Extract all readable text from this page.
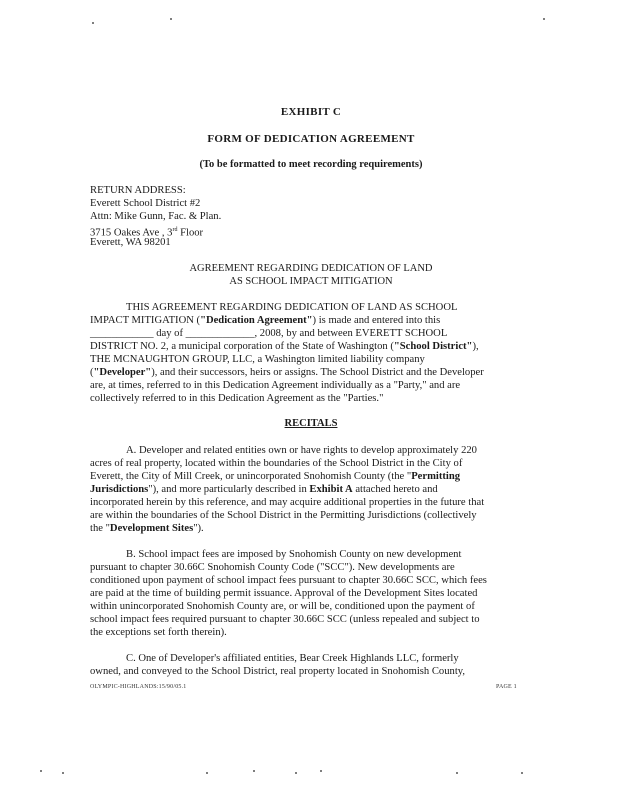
EXHIBIT C
FORM OF DEDICATION AGREEMENT
(To be formatted to meet recording requirements)
RETURN ADDRESS:
Everett School District #2
Attn: Mike Gunn, Fac. & Plan.
3715 Oakes Ave , 3rd Floor
Everett, WA 98201
AGREEMENT REGARDING DEDICATION OF LAND
AS SCHOOL IMPACT MITIGATION
THIS AGREEMENT REGARDING DEDICATION OF LAND AS SCHOOL
IMPACT MITIGATION ("Dedication Agreement") is made and entered into this
____________ day of _____________, 2008, by and between EVERETT SCHOOL
DISTRICT NO. 2, a municipal corporation of the State of Washington ("School District"),
THE MCNAUGHTON GROUP, LLC, a Washington limited liability company
("Developer"), and their successors, heirs or assigns. The School District and the Developer
are, at times, referred to in this Dedication Agreement individually as a "Party," and are
collectively referred to in this Dedication Agreement as the "Parties."
RECITALS
A. Developer and related entities own or have rights to develop approximately 220
acres of real property, located within the boundaries of the School District in the City of
Everett, the City of Mill Creek, or unincorporated Snohomish County (the "Permitting
Jurisdictions"), and more particularly described in Exhibit A attached hereto and
incorporated herein by this reference, and may acquire additional properties in the future that
are within the boundaries of the School District in the Permitting Jurisdictions (collectively
the "Development Sites").
B. School impact fees are imposed by Snohomish County on new development
pursuant to chapter 30.66C Snohomish County Code ("SCC"). New developments are
conditioned upon payment of school impact fees pursuant to chapter 30.66C SCC, which fees
are paid at the time of building permit issuance. Approval of the Development Sites located
within unincorporated Snohomish County are, or will be, conditioned upon the payment of
school impact fees required pursuant to chapter 30.66C SCC (unless repealed and subject to
the exceptions set forth therein).
C. One of Developer's affiliated entities, Bear Creek Highlands LLC, formerly
owned, and conveyed to the School District, real property located in Snohomish County,
OLYMPIC-HIGHLANDS:15/90/05.1	PAGE 1
